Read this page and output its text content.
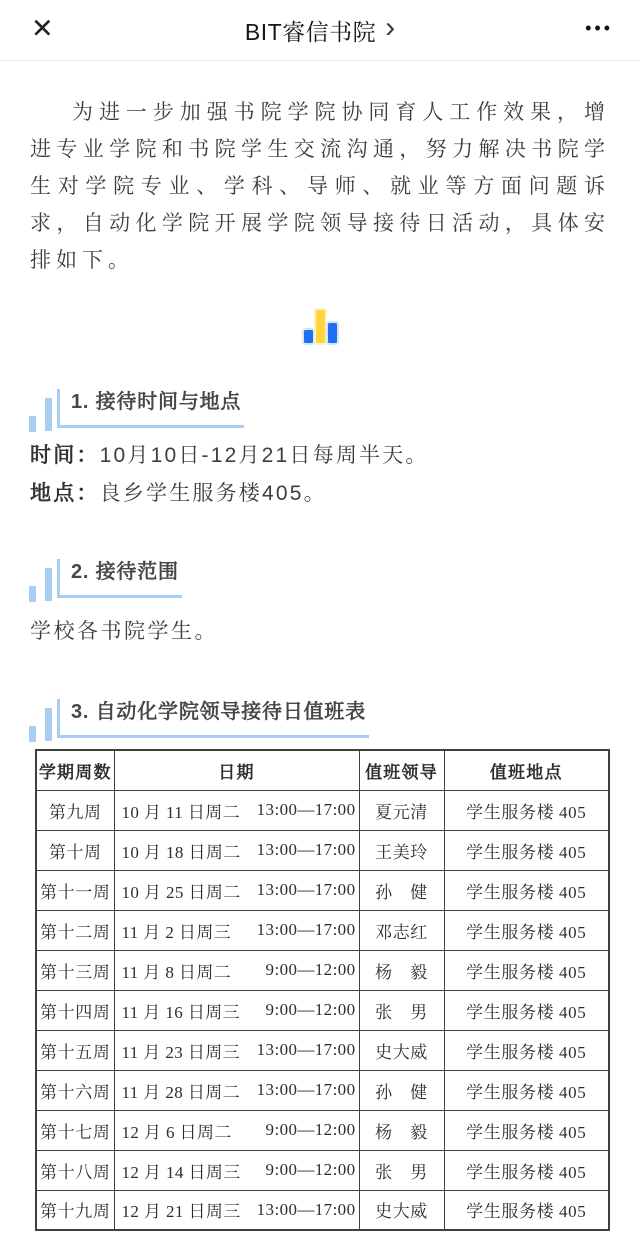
✕	BIT睿信书院 ›	•••

为进一步加强书院学院协同育人工作效果，增进专业学院和书院学生交流沟通，努力解决书院学生对学院专业、学科、导师、就业等方面问题诉求，自动化学院开展学院领导接待日活动，具体安排如下。

1. 接待时间与地点

时间：10月10日-12月21日每周半天。

地点：良乡学生服务楼405。

2. 接待范围

学校各书院学生。

3. 自动化学院领导接待日值班表
学期周数	日期	值班领导	值班地点
第九周	10 月 11 日周二 13:00—17:00	夏元清	学生服务楼 405
第十周	10 月 18 日周二 13:00—17:00	王美玲	学生服务楼 405
第十一周	10 月 25 日周二 13:00—17:00	孙　健	学生服务楼 405
第十二周	11 月 2 日周三 13:00—17:00	邓志红	学生服务楼 405
第十三周	11 月 8 日周二 9:00—12:00	杨　毅	学生服务楼 405
第十四周	11 月 16 日周三 9:00—12:00	张　男	学生服务楼 405
第十五周	11 月 23 日周三 13:00—17:00	史大威	学生服务楼 405
第十六周	11 月 28 日周二 13:00—17:00	孙　健	学生服务楼 405
第十七周	12 月 6 日周二 9:00—12:00	杨　毅	学生服务楼 405
第十八周	12 月 14 日周三 9:00—12:00	张　男	学生服务楼 405
第十九周	12 月 21 日周三 13:00—17:00	史大威	学生服务楼 405
